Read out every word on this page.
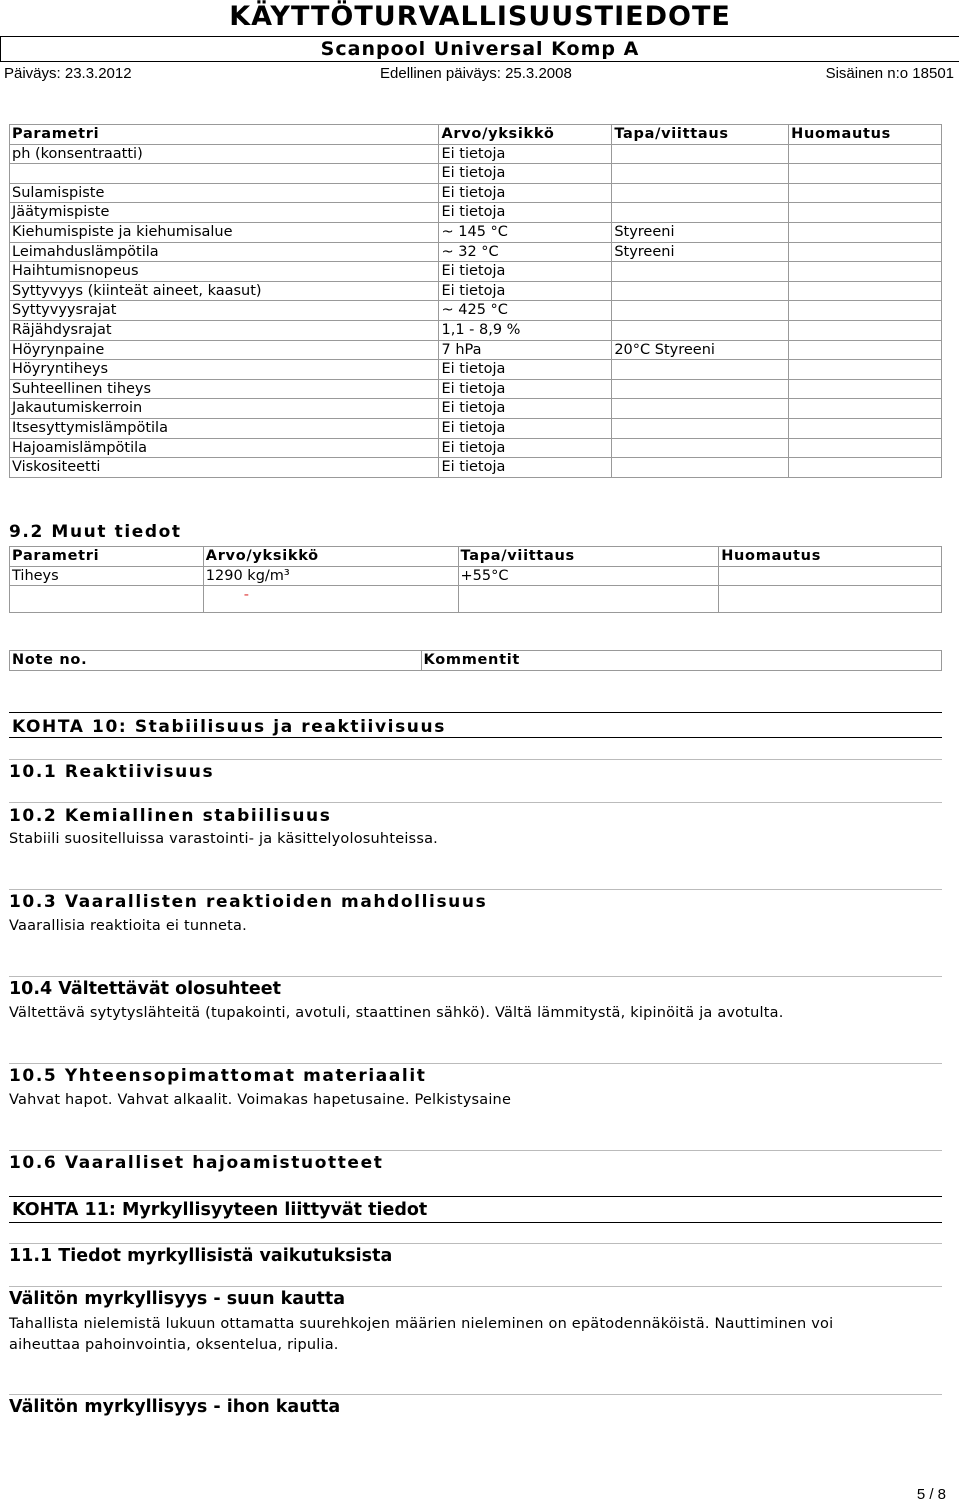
KÄYTTÖTURVALLISUUSTIEDOTE
Scanpool Universal Komp A
Päiväys: 23.3.2012	Edellinen päiväys: 25.3.2008	Sisäinen n:o 18501
Parametri	Arvo/yksikkö	Tapa/viittaus	Huomautus
ph (konsentraatti)	Ei tietoja		
	Ei tietoja		
Sulamispiste	Ei tietoja		
Jäätymispiste	Ei tietoja		
Kiehumispiste ja kiehumisalue	~ 145 °C	Styreeni	
Leimahduslämpötila	~ 32 °C	Styreeni	
Haihtumisnopeus	Ei tietoja		
Syttyvyys (kiinteät aineet, kaasut)	Ei tietoja		
Syttyvyysrajat	~ 425 °C		
Räjähdysrajat	1,1 - 8,9 %		
Höyrynpaine	7 hPa	20°C Styreeni	
Höyryntiheys	Ei tietoja		
Suhteellinen tiheys	Ei tietoja		
Jakautumiskerroin	Ei tietoja		
Itsesyttymislämpötila	Ei tietoja		
Hajoamislämpötila	Ei tietoja		
Viskositeetti	Ei tietoja		
9.2 Muut tiedot
Parametri	Arvo/yksikkö	Tapa/viittaus	Huomautus
Tiheys	1290 kg/m³	+55°C	
	-		
Note no.	Kommentit
KOHTA 10: Stabiilisuus ja reaktiivisuus
10.1 Reaktiivisuus
10.2 Kemiallinen stabiilisuus
Stabiili suositelluissa varastointi- ja käsittelyolosuhteissa.
10.3 Vaarallisten reaktioiden mahdollisuus
Vaarallisia reaktioita ei tunneta.
10.4 Vältettävät olosuhteet
Vältettävä sytytyslähteitä (tupakointi, avotuli, staattinen sähkö). Vältä lämmitystä, kipinöitä ja avotulta.
10.5 Yhteensopimattomat materiaalit
Vahvat hapot. Vahvat alkaalit. Voimakas hapetusaine. Pelkistysaine
10.6 Vaaralliset hajoamistuotteet
KOHTA 11: Myrkyllisyyteen liittyvät tiedot
11.1 Tiedot myrkyllisistä vaikutuksista
Välitön myrkyllisyys - suun kautta
Tahallista nielemistä lukuun ottamatta suurehkojen määrien nieleminen on epätodennäköistä. Nauttiminen voi
aiheuttaa pahoinvointia, oksentelua, ripulia.
Välitön myrkyllisyys - ihon kautta
5 / 8
